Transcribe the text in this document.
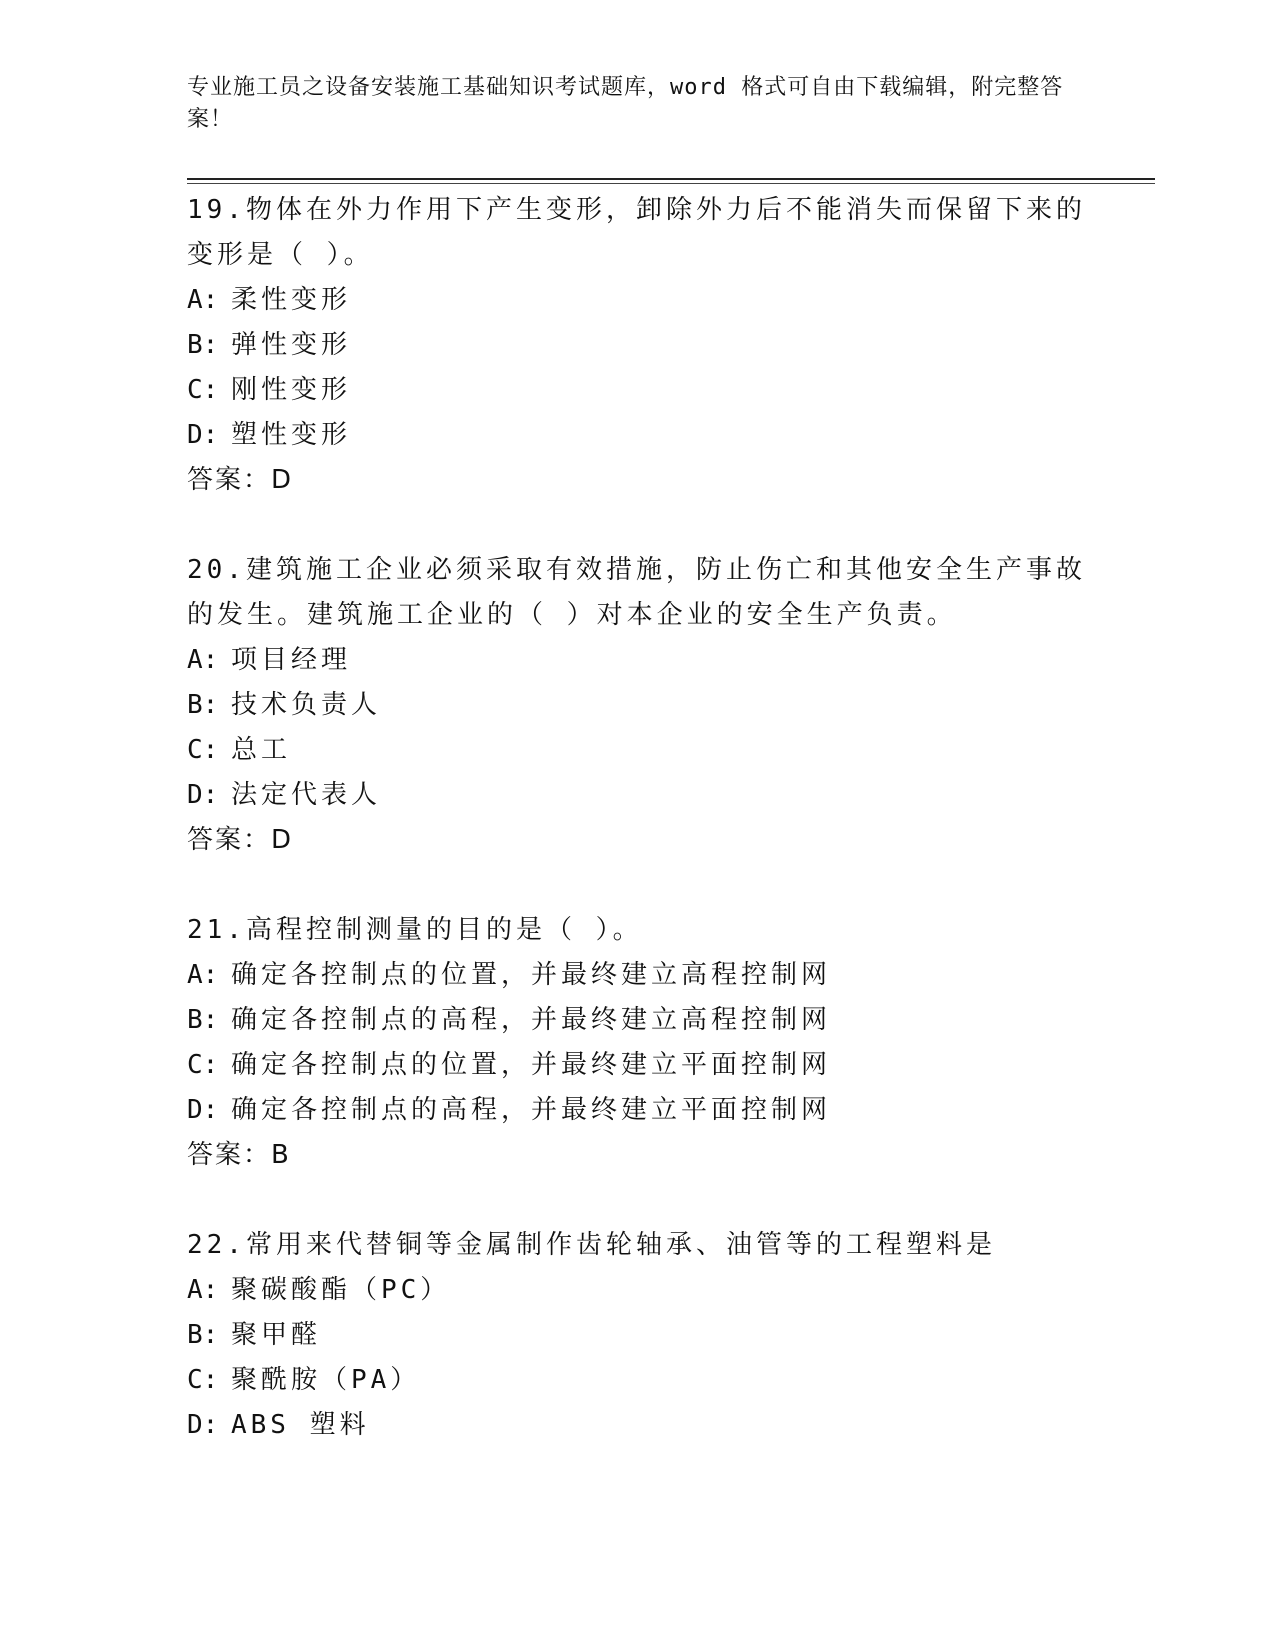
专业施工员之设备安装施工基础知识考试题库，word 格式可自由下载编辑，附完整答案！

19.物体在外力作用下产生变形，卸除外力后不能消失而保留下来的变形是（ ）。

A: 柔性变形

B: 弹性变形

C: 刚性变形

D: 塑性变形

答案：D

20.建筑施工企业必须采取有效措施，防止伤亡和其他安全生产事故的发生。建筑施工企业的（ ）对本企业的安全生产负责。

A: 项目经理

B: 技术负责人

C: 总工

D: 法定代表人

答案：D

21.高程控制测量的目的是（ ）。

A: 确定各控制点的位置，并最终建立高程控制网

B: 确定各控制点的高程，并最终建立高程控制网

C: 确定各控制点的位置，并最终建立平面控制网

D: 确定各控制点的高程，并最终建立平面控制网

答案：B

22.常用来代替铜等金属制作齿轮轴承、油管等的工程塑料是

A: 聚碳酸酯（PC）

B: 聚甲醛

C: 聚酰胺（PA）

D: ABS 塑料
